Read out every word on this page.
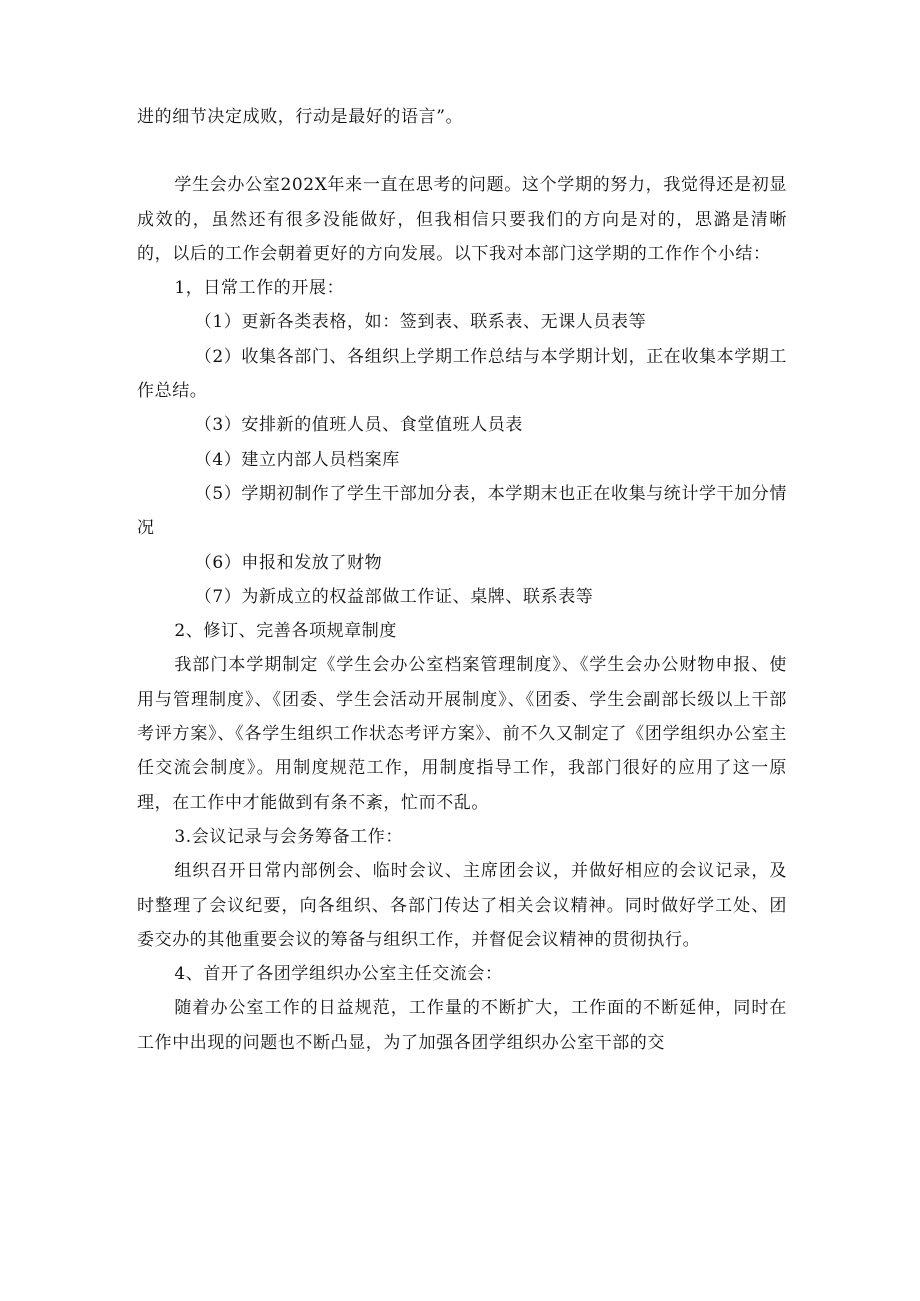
进的细节决定成败，行动是最好的语言”。

学生会办公室202X年来一直在思考的问题。这个学期的努力，我觉得还是初显成效的，虽然还有很多没能做好，但我相信只要我们的方向是对的，思潞是清晰的，以后的工作会朝着更好的方向发展。以下我对本部门这学期的工作作个小结：

1，日常工作的开展：

（1）更新各类表格，如：签到表、联系表、无课人员表等

（2）收集各部门、各组织上学期工作总结与本学期计划，正在收集本学期工作总结。

（3）安排新的值班人员、食堂值班人员表

（4）建立内部人员档案库

（5）学期初制作了学生干部加分表，本学期末也正在收集与统计学干加分情况

（6）申报和发放了财物

（7）为新成立的权益部做工作证、桌牌、联系表等

2、修订、完善各项规章制度

我部门本学期制定《学生会办公室档案管理制度》、《学生会办公财物申报、使用与管理制度》、《团委、学生会活动开展制度》、《团委、学生会副部长级以上干部考评方案》、《各学生组织工作状态考评方案》、前不久又制定了《团学组织办公室主任交流会制度》。用制度规范工作，用制度指导工作，我部门很好的应用了这一原理，在工作中才能做到有条不紊，忙而不乱。

3.会议记录与会务筹备工作：

组织召开日常内部例会、临时会议、主席团会议，并做好相应的会议记录，及时整理了会议纪要，向各组织、各部门传达了相关会议精神。同时做好学工处、团委交办的其他重要会议的筹备与组织工作，并督促会议精神的贯彻执行。

4、首开了各团学组织办公室主任交流会：

随着办公室工作的日益规范，工作量的不断扩大，工作面的不断延伸，同时在工作中出现的问题也不断凸显，为了加强各团学组织办公室干部的交
